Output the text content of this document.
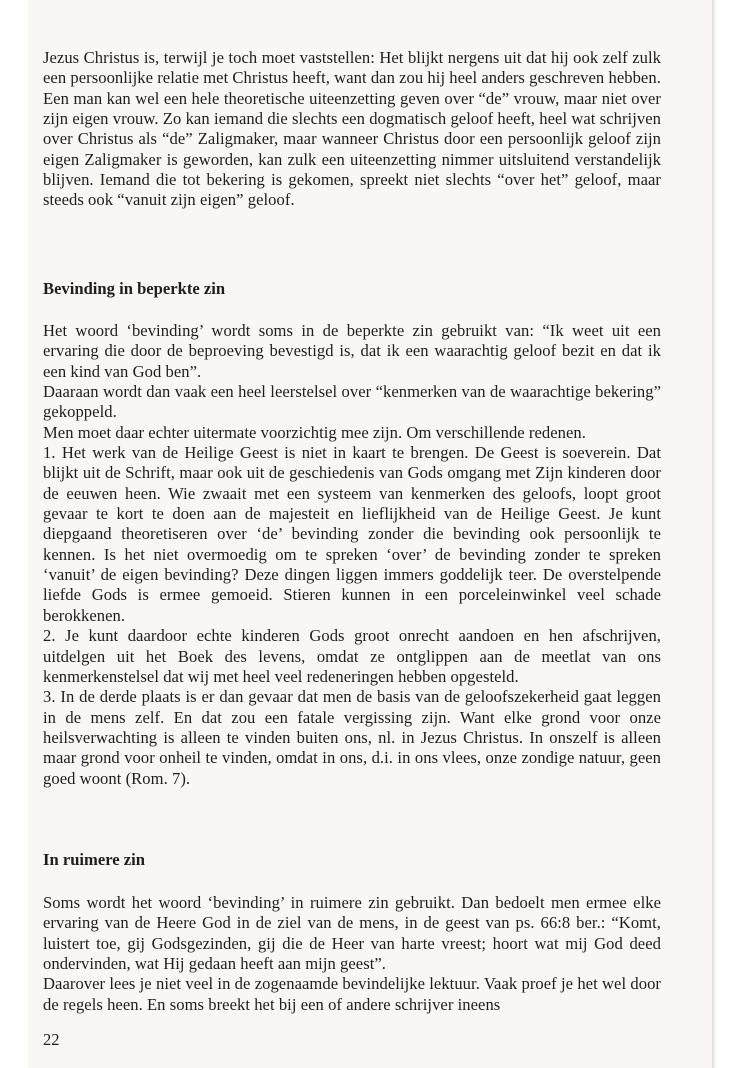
Jezus Christus is, terwijl je toch moet vaststellen: Het blijkt nergens uit dat hij ook zelf zulk een persoonlijke relatie met Christus heeft, want dan zou hij heel anders geschreven hebben.

Een man kan wel een hele theoretische uiteenzetting geven over “de” vrouw, maar niet over zijn eigen vrouw. Zo kan iemand die slechts een dogmatisch geloof heeft, heel wat schrijven over Christus als “de” Zaligmaker, maar wanneer Christus door een persoonlijk geloof zijn eigen Zaligmaker is geworden, kan zulk een uiteenzetting nimmer uitsluitend verstandelijk blijven. Iemand die tot bekering is gekomen, spreekt niet slechts “over het” geloof, maar steeds ook “vanuit zijn eigen” geloof.

Bevinding in beperkte zin

Het woord ‘bevinding’ wordt soms in de beperkte zin gebruikt van: “Ik weet uit een ervaring die door de beproeving bevestigd is, dat ik een waarachtig geloof bezit en dat ik een kind van God ben”.

Daaraan wordt dan vaak een heel leerstelsel over “kenmerken van de waarachtige bekering” gekoppeld.

Men moet daar echter uitermate voorzichtig mee zijn. Om verschillende redenen.

1. Het werk van de Heilige Geest is niet in kaart te brengen. De Geest is soeverein. Dat blijkt uit de Schrift, maar ook uit de geschiedenis van Gods omgang met Zijn kinderen door de eeuwen heen. Wie zwaait met een systeem van kenmerken des geloofs, loopt groot gevaar te kort te doen aan de majesteit en lieflijkheid van de Heilige Geest. Je kunt diepgaand theoretiseren over ‘de’ bevinding zonder die bevinding ook persoonlijk te kennen. Is het niet overmoedig om te spreken ‘over’ de bevinding zonder te spreken ‘vanuit’ de eigen bevinding? Deze dingen liggen immers goddelijk teer. De overstelpende liefde Gods is ermee gemoeid. Stieren kunnen in een porceleinwinkel veel schade berokkenen.

2. Je kunt daardoor echte kinderen Gods groot onrecht aandoen en hen afschrijven, uitdelgen uit het Boek des levens, omdat ze ontglippen aan de meetlat van ons kenmerkenstelsel dat wij met heel veel redeneringen hebben opgesteld.

3. In de derde plaats is er dan gevaar dat men de basis van de geloofszekerheid gaat leggen in de mens zelf. En dat zou een fatale vergissing zijn. Want elke grond voor onze heilsverwachting is alleen te vinden buiten ons, nl. in Jezus Christus. In onszelf is alleen maar grond voor onheil te vinden, omdat in ons, d.i. in ons vlees, onze zondige natuur, geen goed woont (Rom. 7).

In ruimere zin

Soms wordt het woord ‘bevinding’ in ruimere zin gebruikt. Dan bedoelt men ermee elke ervaring van de Heere God in de ziel van de mens, in de geest van ps. 66:8 ber.: “Komt, luistert toe, gij Godsgezinden, gij die de Heer van harte vreest; hoort wat mij God deed ondervinden, wat Hij gedaan heeft aan mijn geest”.

Daarover lees je niet veel in de zogenaamde bevindelijke lektuur. Vaak proef je het wel door de regels heen. En soms breekt het bij een of andere schrijver ineens

22
